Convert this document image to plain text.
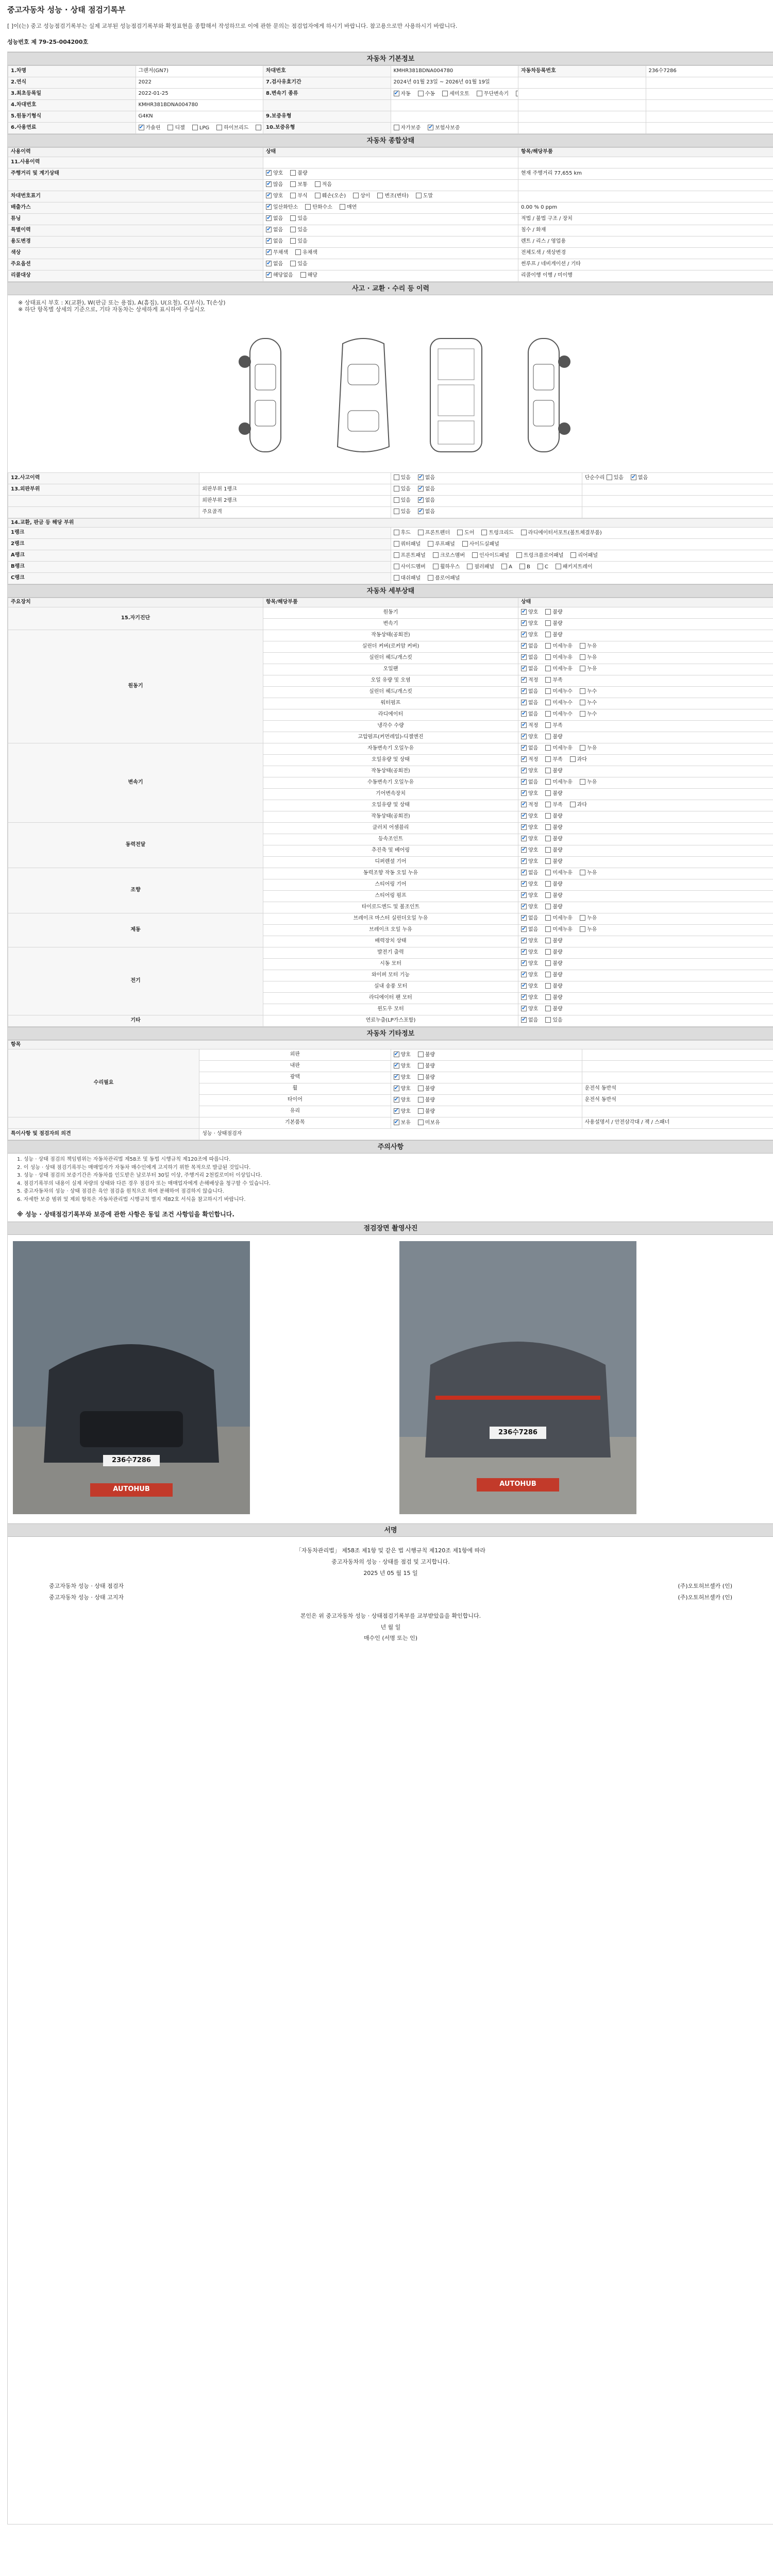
중고자동차 성능 · 상태 점검기록부
[ ]이(는) 중고 성능점검기록부는 실제 교부된 성능점검기록부와 확정표현을 종합해서 작성하므로 이에 관한 문의는 점검업자에게 하시기 바랍니다. 참고용으로만 사용하시기 바랍니다.
성능번호 제 79-25-004200호
자동차 기본정보
1.차명	그랜저(GN7)	차대번호	KMHR381BDNA004780	자동차등록번호	236수7286
2.연식	2022	7.검사유효기간	2024년 01월 23일 ~ 2026년 01월 19일		
3.최초등록일	2022-01-25	8.변속기 종류	✔자동 수동 세미오토 무단변속기		
4.차대번호	KMHR381BDNA004780				
5.원동기형식	G4KN	9.보증유형			
6.사용연료	✔가솔린 디젤 LPG 하이브리드	10.보증유형	자가보증 ✔ 보험사보증		
자동차 종합상태
사용이력	상태	항목/해당부품
11.사용이력		
주행거리 및 계기상태	✔양호 불량	현재 주행거리 77,655 km
	✔많음 보통 적음	
차대번호표기	✔양호 부식 훼손(오손) 상이 변조(변타) 도말	
배출가스	✔일산화탄소 탄화수소 매연	0.00 % 0 ppm
튜닝	✔없음 있음	적법 / 불법 구조 / 장치
특별이력	✔없음 있음	침수 / 화재
용도변경	✔없음 있음	렌트 / 리스 / 영업용
색상	✔무채색 유채색	전체도색 / 색상변경
주요옵션	✔없음 있음	썬루프 / 네비게이션 / 기타
리콜대상	✔해당없음 해당	리콜이행 이행 / 미이행
사고 · 교환 · 수리 등 이력
※ 상태표시 부호 : X(교환), W(판금 또는 용접), A(흠집), U(요철), C(부식), T(손상)
※ 하단 항목별 상세의 기준으로, 기타 자동차는 상세하게 표시하여 주십시오
12.사고이력		있음 ✔ 없음	단순수리 있음 ✔ 없음
13.외판부위	외판부위 1랭크	있음 ✔ 없음	
	외판부위 2랭크	있음 ✔ 없음	
	주요골격	있음 ✔ 없음	
14.교환, 판금 등 해당 부위	
1랭크	후드 프론트펜더 도어 트렁크리드 라디에이터서포트(볼트체결부품)
2랭크	쿼터패널 루프패널 사이드실패널
A랭크	프론트패널 크로스멤버 인사이드패널 트렁크플로어패널 리어패널
B랭크	사이드멤버 휠하우스 필러패널 A B C 패키지트레이
C랭크	대쉬패널 플로어패널
자동차 세부상태
주요장치	항목/해당부품	상태
15.자기진단	원동기	✔양호 불량
	변속기	✔양호 불량
원동기	작동상태(공회전)	✔양호 불량
	실린더 커버(로커암 커버)	✔없음 미세누유 누유
	실린더 헤드/개스킷	✔없음 미세누유 누유
	오일팬	✔없음 미세누유 누유
	오일 유량 및 오염	✔적정 부족
	실린더 헤드/개스킷	✔없음 미세누수 누수
	워터펌프	✔없음 미세누수 누수
	라디에이터	✔없음 미세누수 누수
	냉각수 수량	✔적정 부족
	고압펌프(커먼레일)-디젤엔진	✔양호 불량
변속기	자동변속기 오일누유	✔없음 미세누유 누유
	오일유량 및 상태	✔적정 부족 과다
	작동상태(공회전)	✔양호 불량
	수동변속기 오일누유	✔없음 미세누유 누유
	기어변속장치	✔양호 불량
	오일유량 및 상태	✔적정 부족 과다
	작동상태(공회전)	✔양호 불량
동력전달	클러치 어셈블리	✔양호 불량
	등속조인트	✔양호 불량
	추진축 및 베어링	✔양호 불량
	디퍼렌셜 기어	✔양호 불량
조향	동력조향 작동 오일 누유	✔없음 미세누유 누유
	스티어링 기어	✔양호 불량
	스티어링 펌프	✔양호 불량
	타이로드엔드 및 볼조인트	✔양호 불량
제동	브레이크 마스터 실린더오일 누유	✔없음 미세누유 누유
	브레이크 오일 누유	✔없음 미세누유 누유
	배력장치 상태	✔양호 불량
전기	발전기 출력	✔양호 불량
	시동 모터	✔양호 불량
	와이퍼 모터 기능	✔양호 불량
	실내 송풍 모터	✔양호 불량
	라디에이터 팬 모터	✔양호 불량
	윈도우 모터	✔양호 불량
기타	연료누출(LP가스포함)	✔없음 있음
자동차 기타정보
항목			
수리필요	외판	✔양호 불량	
	내판	✔양호 불량	
	광택	✔양호 불량	
	휠	✔양호 불량	운전석 동반석
	타이어	✔양호 불량	운전석 동반석
	유리	✔양호 불량	
	기본품목	✔보유 미보유	사용설명서 / 안전삼각대 / 잭 / 스패너
특이사항 및 점검자의 의견	성능 · 상태점검자		
주의사항

1. 성능 · 상태 점검의 책임범위는 자동차관리법 제58조 및 동법 시행규칙 제120조에 따릅니다.

2. 이 성능 · 상태 점검기록부는 매매업자가 자동차 매수인에게 고지하기 위한 목적으로 발급된 것입니다.

3. 성능 · 상태 점검의 보증기간은 자동차를 인도받은 날로부터 30일 이상, 주행거리 2천킬로미터 이상입니다.

4. 점검기록부의 내용이 실제 차량의 상태와 다른 경우 점검자 또는 매매업자에게 손해배상을 청구할 수 있습니다.

5. 중고자동차의 성능 · 상태 점검은 육안 점검을 원칙으로 하며 분해하여 점검하지 않습니다.

6. 자세한 보증 범위 및 제외 항목은 자동차관리법 시행규칙 별지 제82호 서식을 참고하시기 바랍니다.

※ 성능 · 상태점검기록부와 보증에 관한 사항은 동일 조건 사항임을 확인합니다.
점검장면 촬영사진
236수7286
AUTOHUB
236수7286
AUTOHUB
서명

「자동차관리법」 제58조 제1항 및 같은 법 시행규칙 제120조 제1항에 따라

중고자동차의 성능 · 상태를 점검 및 고지합니다.

2025 년 05 월 15 일

중고자동차 성능 · 상태 점검자	(주)오토허브셀카 (인)
중고자동차 성능 · 상태 고지자	(주)오토허브셀카 (인)

본인은 위 중고자동차 성능 · 상태점검기록부를 교부받았음을 확인합니다.

년 월 일

매수인 (서명 또는 인)
